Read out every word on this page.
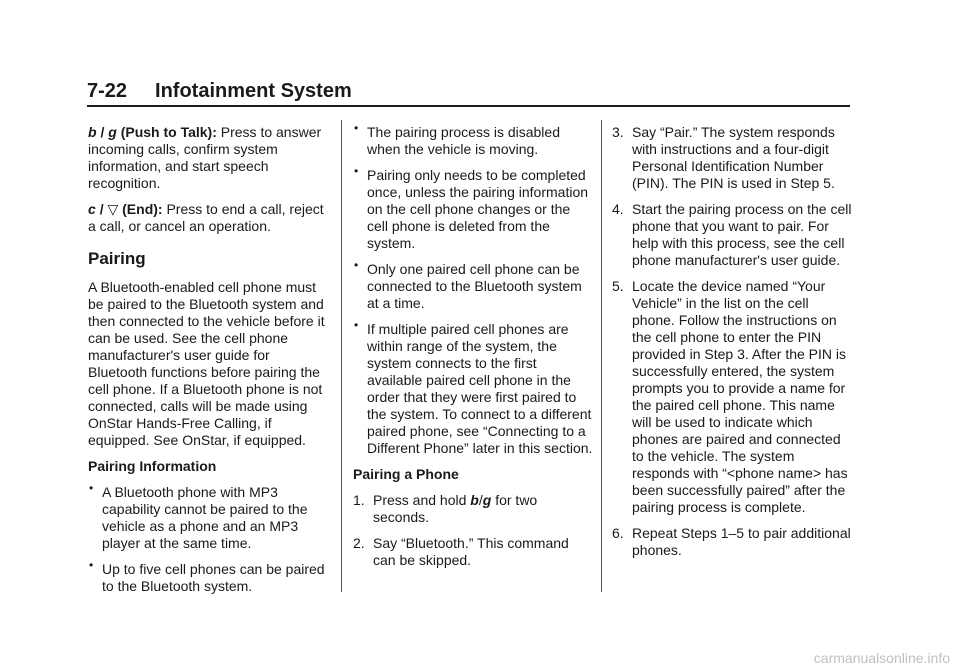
7-22 Infotainment System

b / g (Push to Talk): Press to answer incoming calls, confirm system information, and start speech recognition.

c / ▽ (End): Press to end a call, reject a call, or cancel an operation.

Pairing

A Bluetooth-enabled cell phone must be paired to the Bluetooth system and then connected to the vehicle before it can be used. See the cell phone manufacturer's user guide for Bluetooth functions before pairing the cell phone. If a Bluetooth phone is not connected, calls will be made using OnStar Hands-Free Calling, if equipped. See OnStar, if equipped.

Pairing Information
• A Bluetooth phone with MP3 capability cannot be paired to the vehicle as a phone and an MP3 player at the same time.
• Up to five cell phones can be paired to the Bluetooth system.
• The pairing process is disabled when the vehicle is moving.
• Pairing only needs to be completed once, unless the pairing information on the cell phone changes or the cell phone is deleted from the system.
• Only one paired cell phone can be connected to the Bluetooth system at a time.
• If multiple paired cell phones are within range of the system, the system connects to the first available paired cell phone in the order that they were first paired to the system. To connect to a different paired phone, see “Connecting to a Different Phone” later in this section.
Pairing a Phone
1. Press and hold b/g for two seconds.
2. Say “Bluetooth.” This command can be skipped.
3. Say “Pair.” The system responds with instructions and a four-digit Personal Identification Number (PIN). The PIN is used in Step 5.
4. Start the pairing process on the cell phone that you want to pair. For help with this process, see the cell phone manufacturer's user guide.
5. Locate the device named “Your Vehicle” in the list on the cell phone. Follow the instructions on the cell phone to enter the PIN provided in Step 3. After the PIN is successfully entered, the system prompts you to provide a name for the paired cell phone. This name will be used to indicate which phones are paired and connected to the vehicle. The system responds with “<phone name> has been successfully paired” after the pairing process is complete.
6. Repeat Steps 1–5 to pair additional phones.
carmanualsonline.info
